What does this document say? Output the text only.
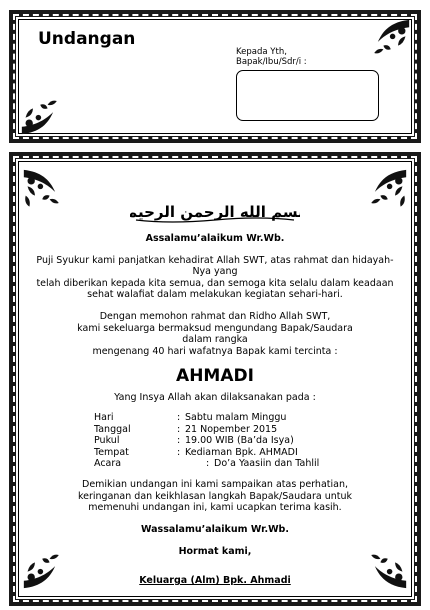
Undangan
Kepada Yth,
Bapak/Ibu/Sdr/i :
بسم الله الرحمن الرحيم
Assalamu’alaikum Wr.Wb.
Puji Syukur kami panjatkan kehadirat Allah SWT, atas rahmat dan hidayah-
Nya yang
telah diberikan kepada kita semua, dan semoga kita selalu dalam keadaan
sehat walafiat dalam melakukan kegiatan sehari-hari.
Dengan memohon rahmat dan Ridho Allah SWT,
kami sekeluarga bermaksud mengundang Bapak/Saudara
dalam rangka
mengenang 40 hari wafatnya Bapak kami tercinta :
AHMADI
Yang Insya Allah akan dilaksanakan pada :
Hari	: Sabtu malam Minggu
Tanggal	: 21 Nopember 2015
Pukul	: 19.00 WIB (Ba’da Isya)
Tempat	: Kediaman Bpk. AHMADI
Acara	: Do’a Yaasiin dan Tahlil
Demikian undangan ini kami sampaikan atas perhatian,
keringanan dan keikhlasan langkah Bapak/Saudara untuk
memenuhi undangan ini, kami ucapkan terima kasih.
Wassalamu’alaikum Wr.Wb.
Hormat kami,
Keluarga (Alm) Bpk. Ahmadi
